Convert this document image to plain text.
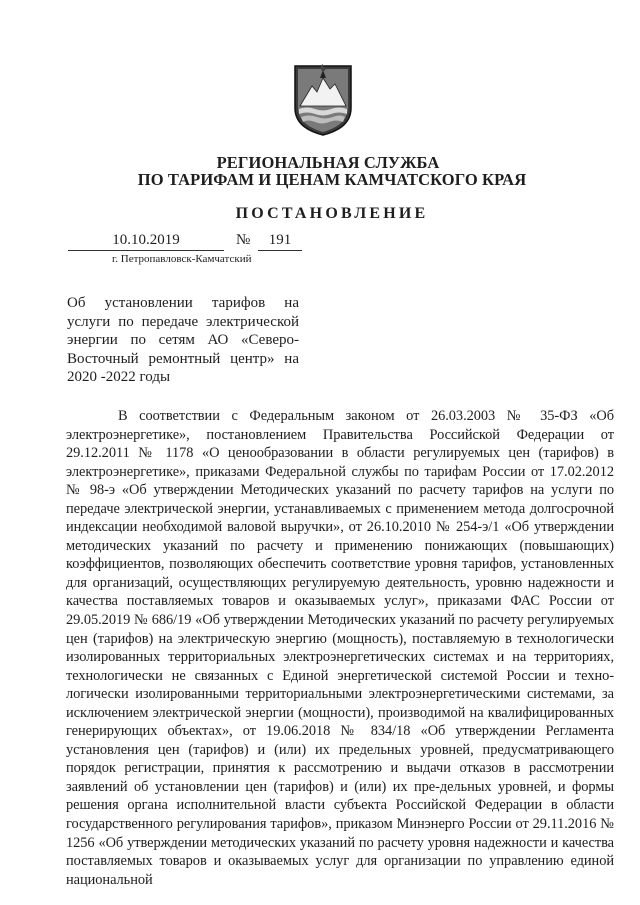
РЕГИОНАЛЬНАЯ СЛУЖБА
ПО ТАРИФАМ И ЦЕНАМ КАМЧАТСКОГО КРАЯ
ПОСТАНОВЛЕНИЕ
10.10.2019	№	191
г. Петропавловск-Камчатский
Об установлении тарифов на услуги по передаче электрической энергии по сетям АО «Северо-Восточный ремонтный центр» на 2020 -2022 годы

В соответствии с Федеральным законом от 26.03.2003 № 35-ФЗ «Об электроэнергетике», постановлением Правительства Российской Федерации от 29.12.2011 № 1178 «О ценообразовании в области регулируемых цен (тарифов) в электроэнергетике», приказами Федеральной службы по тарифам России от 17.02.2012 № 98-э «Об утверждении Методических указаний по расчету тарифов на услуги по передаче электрической энергии, устанавливаемых с применением метода долгосрочной индексации необходимой валовой выручки», от 26.10.2010 № 254-э/1 «Об утверждении методических указаний по расчету и применению понижающих (повышающих) коэффициентов, позволяющих обеспечить соответствие уровня тарифов, установленных для организаций, осуществляющих регулируемую деятельность, уровню надежности и качества поставляемых товаров и оказываемых услуг», приказами ФАС России от 29.05.2019 № 686/19 «Об утверждении Методических указаний по расчету регулируемых цен (тарифов) на электрическую энергию (мощность), поставляемую в технологически изолированных территориальных электроэнергетических системах и на территориях, технологически не связанных с Единой энергетической системой России и техно-логически изолированными территориальными электроэнергетическими системами, за исключением электрической энергии (мощности), производимой на квалифицированных генерирующих объектах», от 19.06.2018 № 834/18 «Об утверждении Регламента установления цен (тарифов) и (или) их предельных уровней, предусматривающего порядок регистрации, принятия к рассмотрению и выдачи отказов в рассмотрении заявлений об установлении цен (тарифов) и (или) их пре-дельных уровней, и формы решения органа исполнительной власти субъекта Российской Федерации в области государственного регулирования тарифов», приказом Минэнерго России от 29.11.2016 № 1256 «Об утверждении методических указаний по расчету уровня надежности и качества поставляемых товаров и оказываемых услуг для организации по управлению единой национальной
